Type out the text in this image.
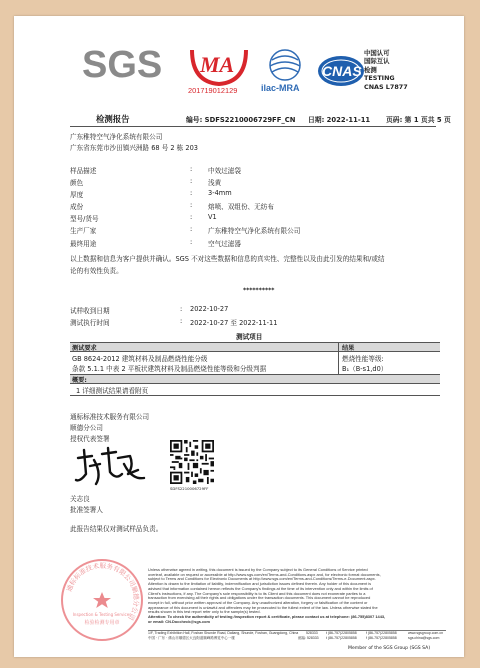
SGS MA
201719012129	ilac-MRA
CNAS
中国认可
国际互认
检测
TESTING
CNAS L7877
检测报告	编号: SDFS2210006729FF_CN 日期: 2022-11-11 页码: 第 1 页共 5 页
广东稚特空气净化系统有限公司
广东省东莞市沙田镇兴洲路 68 号 2 栋 203
样品描述	: 中效过滤袋
颜色	: 浅黄
厚度	: 3-4mm
成份	: 熔喷、双组份、无纺布
型号/货号	: V1
生产厂家	: 广东稚特空气净化系统有限公司
最终用途	: 空气过滤器
以上数据和信息为客户提供并确认。SGS 不对这些数据和信息的真实性、完整性以及由此引发的结果和/或结
论的有效性负责。
**********
试样收到日期	: 2022-10-27
测试执行时间	: 2022-10-27 至 2022-11-11
测试项目
测试要求	结果
GB 8624-2012 建筑材料及制品燃烧性能分级
条款 5.1.1 中表 2 平板状建筑材料及制品燃烧性能等级和分级判据
燃烧性能等级:
B₁（B-s1,d0）
概要:
1 详细测试结果请看附页
通标标准技术服务有限公司
顺德分公司
授权代表签署
SDFS2210006729FF
关志良
批准签署人
此报告结果仅对测试样品负责。
通标标准技术服务有限公司顺德分公司
Inspection & Testing Services
检验检测专用章
Unless otherwise agreed in writing, this document is issued by the Company subject to its General Conditions of Service printed
overleaf, available on request or accessible at http://www.sgs.com/en/Terms-and-Conditions.aspx and, for electronic format documents,
subject to Terms and Conditions for Electronic Documents at http://www.sgs.com/en/Terms-and-Conditions/Terms-e-Document.aspx.
Attention is drawn to the limitation of liability, indemnification and jurisdiction issues defined therein. Any holder of this document is
advised that information contained hereon reflects the Company's findings at the time of its intervention only and within the limits of
Client's instructions, if any. The Company's sole responsibility is to its Client and this document does not exonerate parties to a
transaction from exercising all their rights and obligations under the transaction documents. This document cannot be reproduced
except in full, without prior written approval of the Company. Any unauthorized alteration, forgery or falsification of the content or
appearance of this document is unlawful and offenders may be prosecuted to the fullest extent of the law. Unless otherwise stated the
results shown in this test report refer only to the sample(s) tested.
Attention: To check the authenticity of testing /inspection report & certificate, please contact us at telephone: (86-755)8307 1443,
or email: CN.Doccheck@sgs.com
1/F, Trading Exhibition Hall, Foshan Shunde Road, Daliang, Shunde, Foshan, Guangdong, China 528333 t (86-757)22805858	f (86-757)22805858	www.sgsgroup.com.cn
中国 · 广东 · 佛山市顺德区大良街道顺峰路博览中心一楼	邮编: 528333 t (86-757)22805858	f (86-757)22805858	sgs.china@sgs.com
Member of the SGS Group (SGS SA)
